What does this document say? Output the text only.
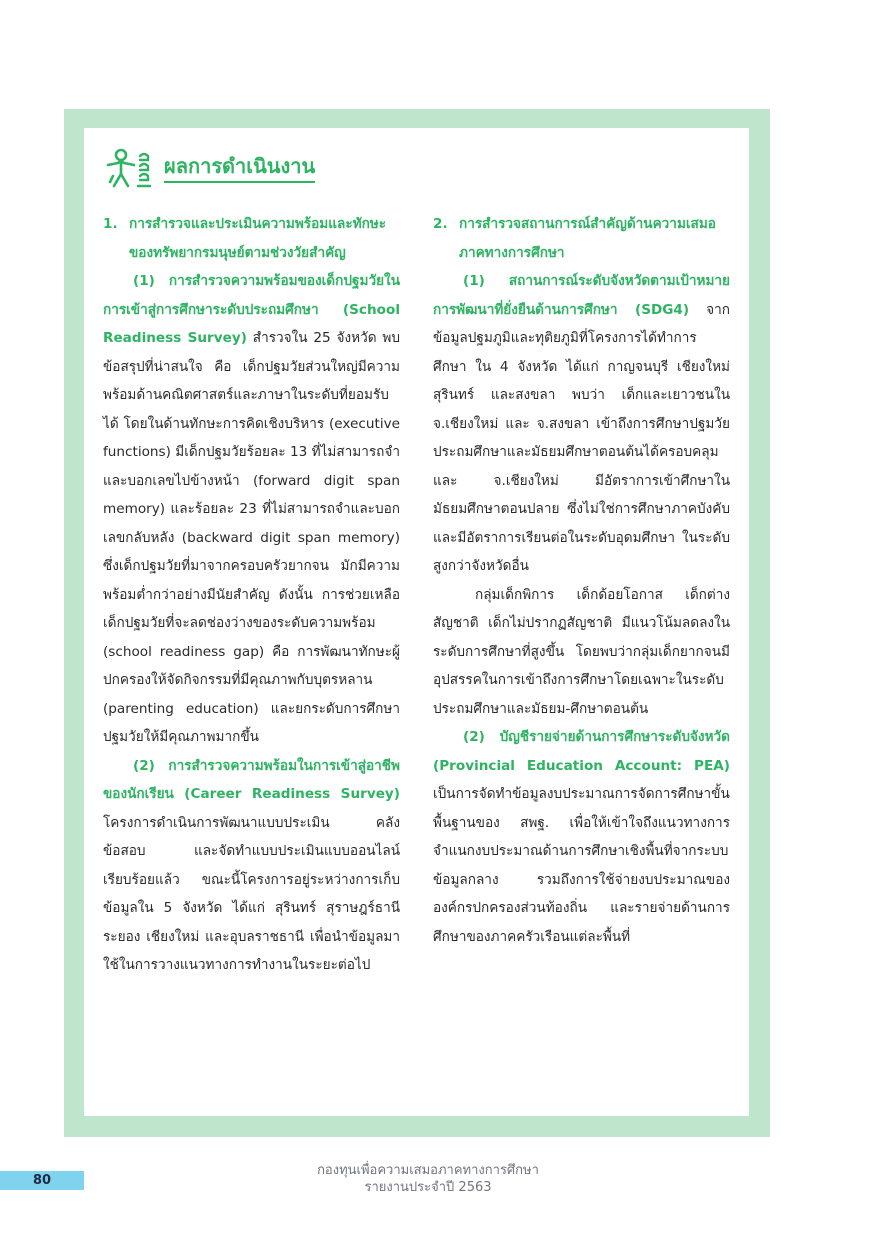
ผลการดำเนินงาน
1. การสำรวจและประเมินความพร้อมและทักษะของทรัพยากรมนุษย์ตามช่วงวัยสำคัญ

(1) การสำรวจความพร้อมของเด็กปฐมวัยในการเข้าสู่การศึกษาระดับประถมศึกษา (School Readiness Survey) สำรวจใน 25 จังหวัด พบข้อสรุปที่น่าสนใจ คือ เด็กปฐมวัยส่วนใหญ่มีความพร้อมด้านคณิตศาสตร์และภาษาในระดับที่ยอมรับได้ โดยในด้านทักษะการคิดเชิงบริหาร (executive functions) มีเด็กปฐมวัยร้อยละ 13 ที่ไม่สามารถจำและบอกเลขไปข้างหน้า (forward digit span memory) และร้อยละ 23 ที่ไม่สามารถจำและบอกเลขกลับหลัง (backward digit span memory) ซึ่งเด็กปฐมวัยที่มาจากครอบครัวยากจน มักมีความพร้อมต่ำกว่าอย่างมีนัยสำคัญ ดังนั้น การช่วยเหลือเด็กปฐมวัยที่จะลดช่องว่างของระดับความพร้อม (school readiness gap) คือ การพัฒนาทักษะผู้ปกครองให้จัดกิจกรรมที่มีคุณภาพกับบุตรหลาน (parenting education) และยกระดับการศึกษาปฐมวัยให้มีคุณภาพมากขึ้น

(2) การสำรวจความพร้อมในการเข้าสู่อาชีพของนักเรียน (Career Readiness Survey) โครงการดำเนินการพัฒนาแบบประเมิน คลังข้อสอบ และจัดทำแบบประเมินแบบออนไลน์เรียบร้อยแล้ว ขณะนี้โครงการอยู่ระหว่างการเก็บข้อมูลใน 5 จังหวัด ได้แก่ สุรินทร์ สุราษฎร์ธานี ระยอง เชียงใหม่ และอุบลราชธานี เพื่อนำข้อมูลมาใช้ในการวางแนวทางการทำงานในระยะต่อไป

2. การสำรวจสถานการณ์สำคัญด้านความเสมอภาคทางการศึกษา

(1) สถานการณ์ระดับจังหวัดตามเป้าหมายการพัฒนาที่ยั่งยืนด้านการศึกษา (SDG4) จากข้อมูลปฐมภูมิและทุติยภูมิที่โครงการได้ทำการศึกษา ใน 4 จังหวัด ได้แก่ กาญจนบุรี เชียงใหม่ สุรินทร์ และสงขลา พบว่า เด็กและเยาวชนใน จ.เชียงใหม่ และ จ.สงขลา เข้าถึงการศึกษาปฐมวัย ประถมศึกษาและมัธยมศึกษาตอนต้นได้ครอบคลุม และ จ.เชียงใหม่ มีอัตราการเข้าศึกษาในมัธยมศึกษาตอนปลาย ซึ่งไม่ใช่การศึกษาภาคบังคับและมีอัตราการเรียนต่อในระดับอุดมศึกษา ในระดับสูงกว่าจังหวัดอื่น

กลุ่มเด็กพิการ เด็กด้อยโอกาส เด็กต่างสัญชาติ เด็กไม่ปรากฏสัญชาติ มีแนวโน้มลดลงในระดับการศึกษาที่สูงขึ้น โดยพบว่ากลุ่มเด็กยากจนมีอุปสรรคในการเข้าถึงการศึกษาโดยเฉพาะในระดับประถมศึกษาและมัธยม-ศึกษาตอนต้น

(2) บัญชีรายจ่ายด้านการศึกษาระดับจังหวัด (Provincial Education Account: PEA) เป็นการจัดทำข้อมูลงบประมาณการจัดการศึกษาขั้นพื้นฐานของ สพฐ. เพื่อให้เข้าใจถึงแนวทางการจำแนกงบประมาณด้านการศึกษาเชิงพื้นที่จากระบบข้อมูลกลาง รวมถึงการใช้จ่ายงบประมาณขององค์กรปกครองส่วนท้องถิ่น และรายจ่ายด้านการศึกษาของภาคครัวเรือนแต่ละพื้นที่

80
กองทุนเพื่อความเสมอภาคทางการศึกษา
รายงานประจำปี 2563
